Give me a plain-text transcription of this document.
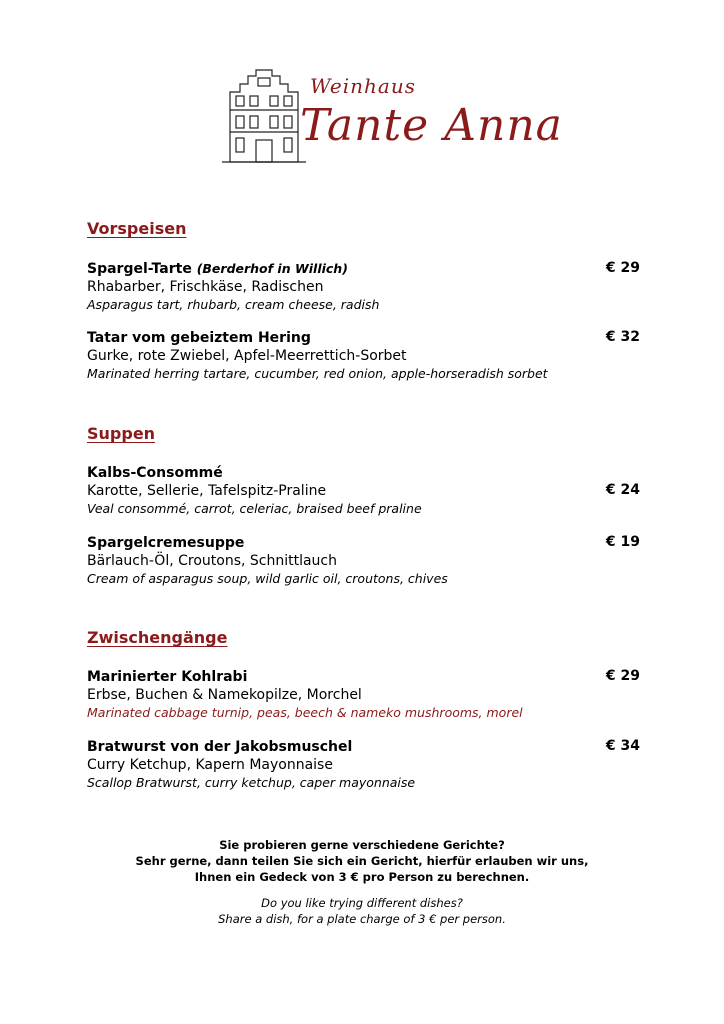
Weinhaus
Tante Anna
Vorspeisen
Spargel-Tarte (Berderhof in Willich)
Rhabarber, Frischkäse, Radischen
Asparagus tart, rhubarb, cream cheese, radish
€ 29
Tatar vom gebeiztem Hering
Gurke, rote Zwiebel, Apfel-Meerrettich-Sorbet
Marinated herring tartare, cucumber, red onion, apple-horseradish sorbet
€ 32
Suppen
Kalbs-Consommé
Karotte, Sellerie, Tafelspitz-Praline
Veal consommé, carrot, celeriac, braised beef praline
€ 24
Spargelcremesuppe
Bärlauch-Öl, Croutons, Schnittlauch
Cream of asparagus soup, wild garlic oil, croutons, chives
€ 19
Zwischengänge
Marinierter Kohlrabi
Erbse, Buchen & Namekopilze, Morchel
Marinated cabbage turnip, peas, beech & nameko mushrooms, morel
€ 29
Bratwurst von der Jakobsmuschel
Curry Ketchup, Kapern Mayonnaise
Scallop Bratwurst, curry ketchup, caper mayonnaise
€ 34
Sie probieren gerne verschiedene Gerichte?
Sehr gerne, dann teilen Sie sich ein Gericht, hierfür erlauben wir uns,
Ihnen ein Gedeck von 3 € pro Person zu berechnen.
Do you like trying different dishes?
Share a dish, for a plate charge of 3 € per person.
